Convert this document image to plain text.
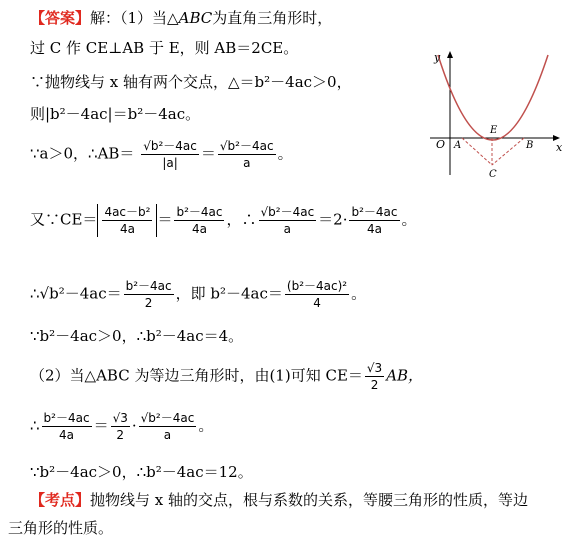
【答案】解：（1）当△ABC为直角三角形时，
过 C 作 CE⊥AB 于 E，则 AB＝2CE。
∵抛物线与 x 轴有两个交点，△＝b²－4ac＞0，
则|b²－4ac|＝b²－4ac。
∵a＞0，∴AB＝ $\frac{\text{√b²－4ac}}{|a|} = \frac{\text{√b²－4ac}}{a}$ 。
又∵CE＝ $\frac{\text{4ac－b²}}{4a} = \frac{\text{b²－4ac}}{4a}$ ，∴ $\frac{\text{√b²－4ac}}{a} =2\cdot \frac{\text{b²－4ac}}{4a}$ 。
∴√b²－4ac＝ $\frac{\text{b²－4ac}}{2}$ ，即 $b^2-4ac= \frac{\text{(b²－4ac)²}}{4}$ 。
∵b²－4ac＞0，∴b²－4ac＝4。
（2）当△ABC 为等边三角形时，由(1)可知 $CE= \frac{√3}{2}$ AB，
∴ $\frac{\text{b²－4ac}}{4a} = \frac{√3}{2} \cdot \frac{\text{√b²－4ac}}{a}$ 。
∵b²－4ac＞0，∴b²－4ac＝12。
【考点】抛物线与 x 轴的交点，根与系数的关系，等腰三角形的性质，等边
三角形的性质。
y
x
O A	B
E
C
